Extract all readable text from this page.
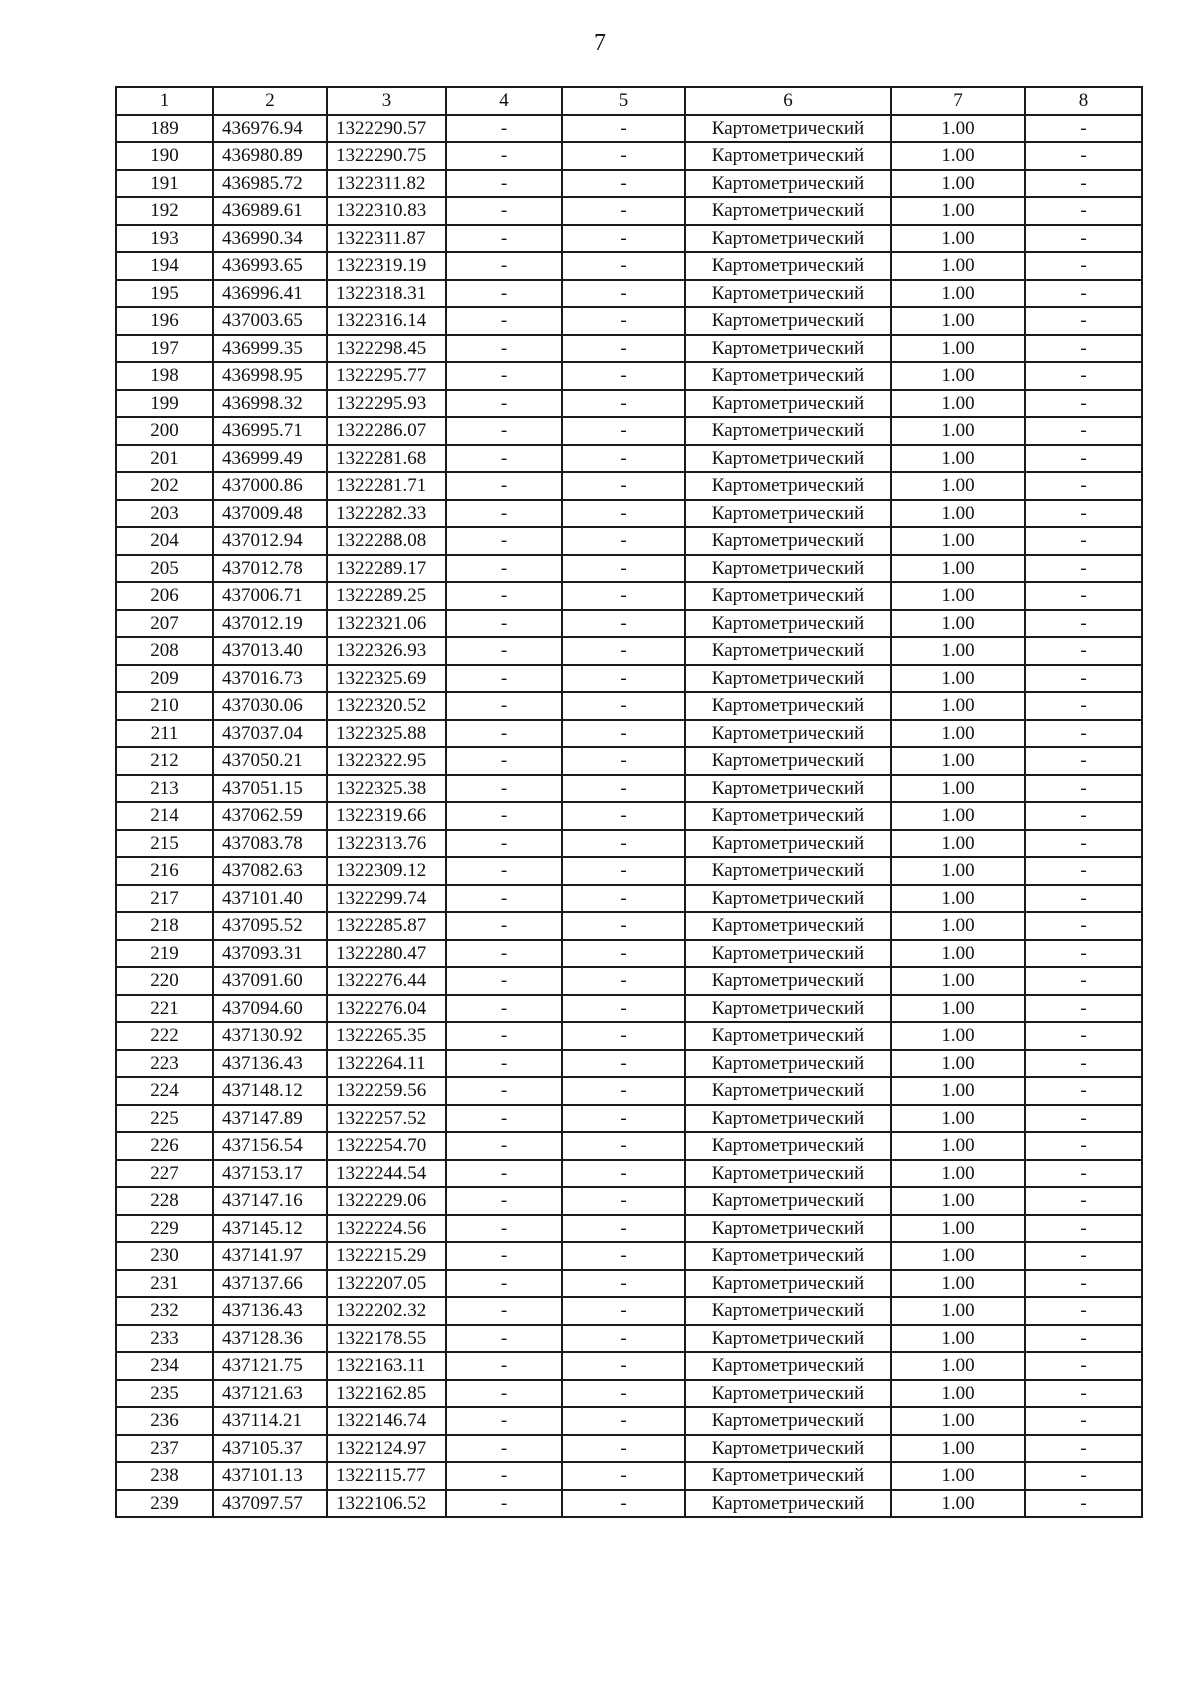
7
1	2	3	4	5	6	7	8
189	436976.94	1322290.57	-	-	Картометрический	1.00	-
190	436980.89	1322290.75	-	-	Картометрический	1.00	-
191	436985.72	1322311.82	-	-	Картометрический	1.00	-
192	436989.61	1322310.83	-	-	Картометрический	1.00	-
193	436990.34	1322311.87	-	-	Картометрический	1.00	-
194	436993.65	1322319.19	-	-	Картометрический	1.00	-
195	436996.41	1322318.31	-	-	Картометрический	1.00	-
196	437003.65	1322316.14	-	-	Картометрический	1.00	-
197	436999.35	1322298.45	-	-	Картометрический	1.00	-
198	436998.95	1322295.77	-	-	Картометрический	1.00	-
199	436998.32	1322295.93	-	-	Картометрический	1.00	-
200	436995.71	1322286.07	-	-	Картометрический	1.00	-
201	436999.49	1322281.68	-	-	Картометрический	1.00	-
202	437000.86	1322281.71	-	-	Картометрический	1.00	-
203	437009.48	1322282.33	-	-	Картометрический	1.00	-
204	437012.94	1322288.08	-	-	Картометрический	1.00	-
205	437012.78	1322289.17	-	-	Картометрический	1.00	-
206	437006.71	1322289.25	-	-	Картометрический	1.00	-
207	437012.19	1322321.06	-	-	Картометрический	1.00	-
208	437013.40	1322326.93	-	-	Картометрический	1.00	-
209	437016.73	1322325.69	-	-	Картометрический	1.00	-
210	437030.06	1322320.52	-	-	Картометрический	1.00	-
211	437037.04	1322325.88	-	-	Картометрический	1.00	-
212	437050.21	1322322.95	-	-	Картометрический	1.00	-
213	437051.15	1322325.38	-	-	Картометрический	1.00	-
214	437062.59	1322319.66	-	-	Картометрический	1.00	-
215	437083.78	1322313.76	-	-	Картометрический	1.00	-
216	437082.63	1322309.12	-	-	Картометрический	1.00	-
217	437101.40	1322299.74	-	-	Картометрический	1.00	-
218	437095.52	1322285.87	-	-	Картометрический	1.00	-
219	437093.31	1322280.47	-	-	Картометрический	1.00	-
220	437091.60	1322276.44	-	-	Картометрический	1.00	-
221	437094.60	1322276.04	-	-	Картометрический	1.00	-
222	437130.92	1322265.35	-	-	Картометрический	1.00	-
223	437136.43	1322264.11	-	-	Картометрический	1.00	-
224	437148.12	1322259.56	-	-	Картометрический	1.00	-
225	437147.89	1322257.52	-	-	Картометрический	1.00	-
226	437156.54	1322254.70	-	-	Картометрический	1.00	-
227	437153.17	1322244.54	-	-	Картометрический	1.00	-
228	437147.16	1322229.06	-	-	Картометрический	1.00	-
229	437145.12	1322224.56	-	-	Картометрический	1.00	-
230	437141.97	1322215.29	-	-	Картометрический	1.00	-
231	437137.66	1322207.05	-	-	Картометрический	1.00	-
232	437136.43	1322202.32	-	-	Картометрический	1.00	-
233	437128.36	1322178.55	-	-	Картометрический	1.00	-
234	437121.75	1322163.11	-	-	Картометрический	1.00	-
235	437121.63	1322162.85	-	-	Картометрический	1.00	-
236	437114.21	1322146.74	-	-	Картометрический	1.00	-
237	437105.37	1322124.97	-	-	Картометрический	1.00	-
238	437101.13	1322115.77	-	-	Картометрический	1.00	-
239	437097.57	1322106.52	-	-	Картометрический	1.00	-
